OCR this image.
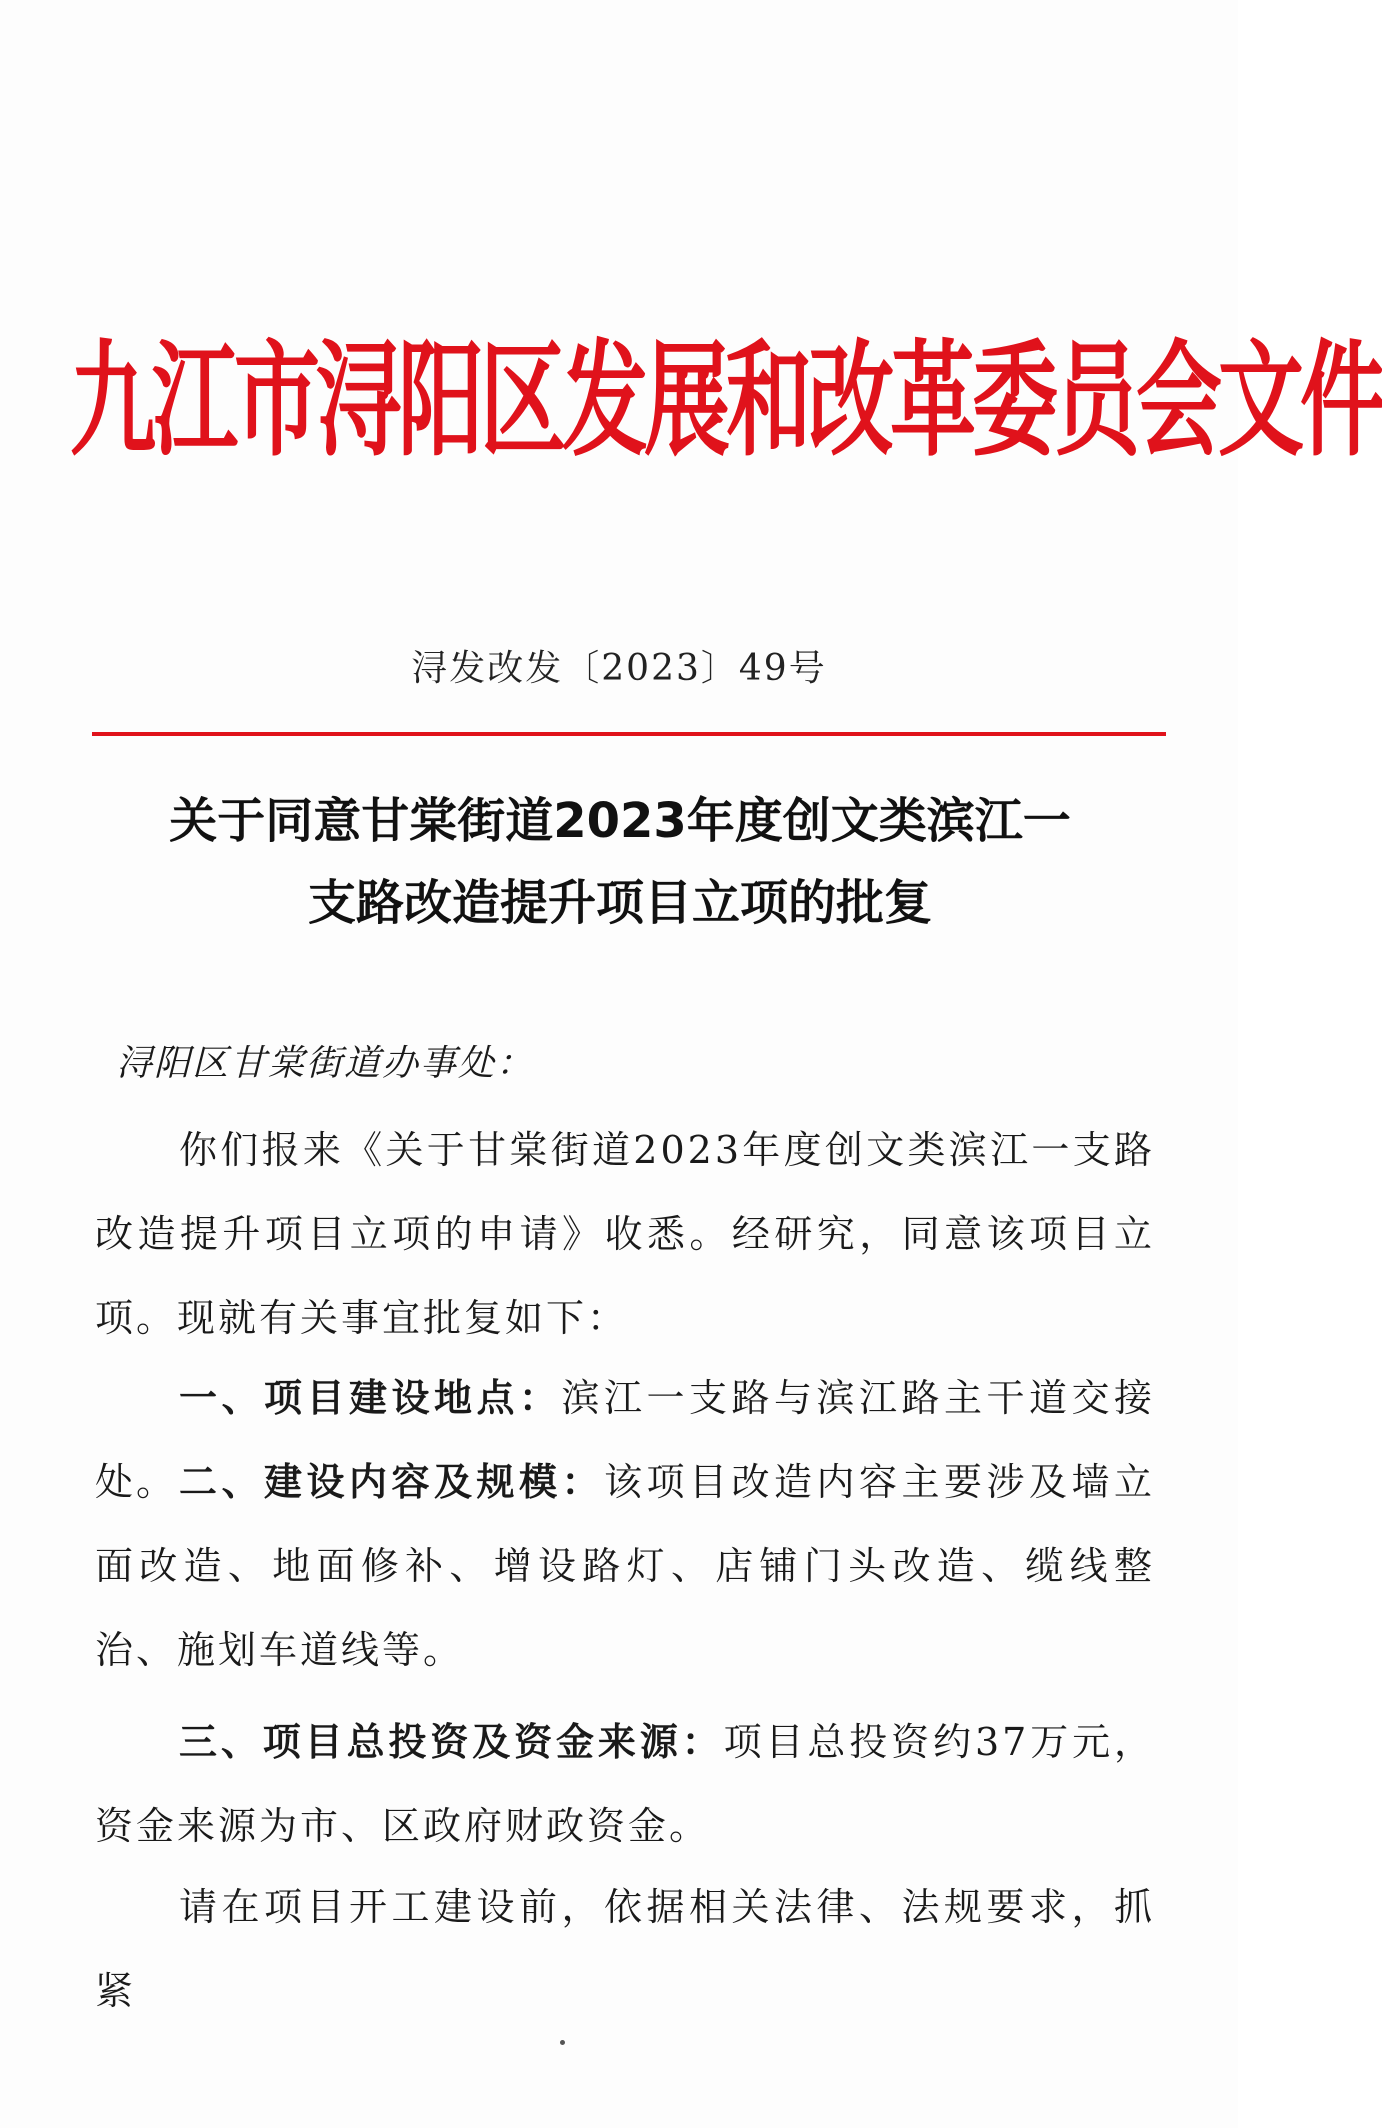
九江市浔阳区发展和改革委员会文件
浔发改发〔2023〕49号
关于同意甘棠街道2023年度创文类滨江一
支路改造提升项目立项的批复
浔阳区甘棠街道办事处：
你们报来《关于甘棠街道2023年度创文类滨江一支路改造提升项目立项的申请》收悉。经研究，同意该项目立项。现就有关事宜批复如下：
一、项目建设地点：滨江一支路与滨江路主干道交接处。 二、建设内容及规模：该项目改造内容主要涉及墙立面改造、地面修补、增设路灯、店铺门头改造、缆线整治、施划车道线等。
三、项目总投资及资金来源：项目总投资约37万元，资金来源为市、区政府财政资金。
请在项目开工建设前，依据相关法律、法规要求，抓紧
